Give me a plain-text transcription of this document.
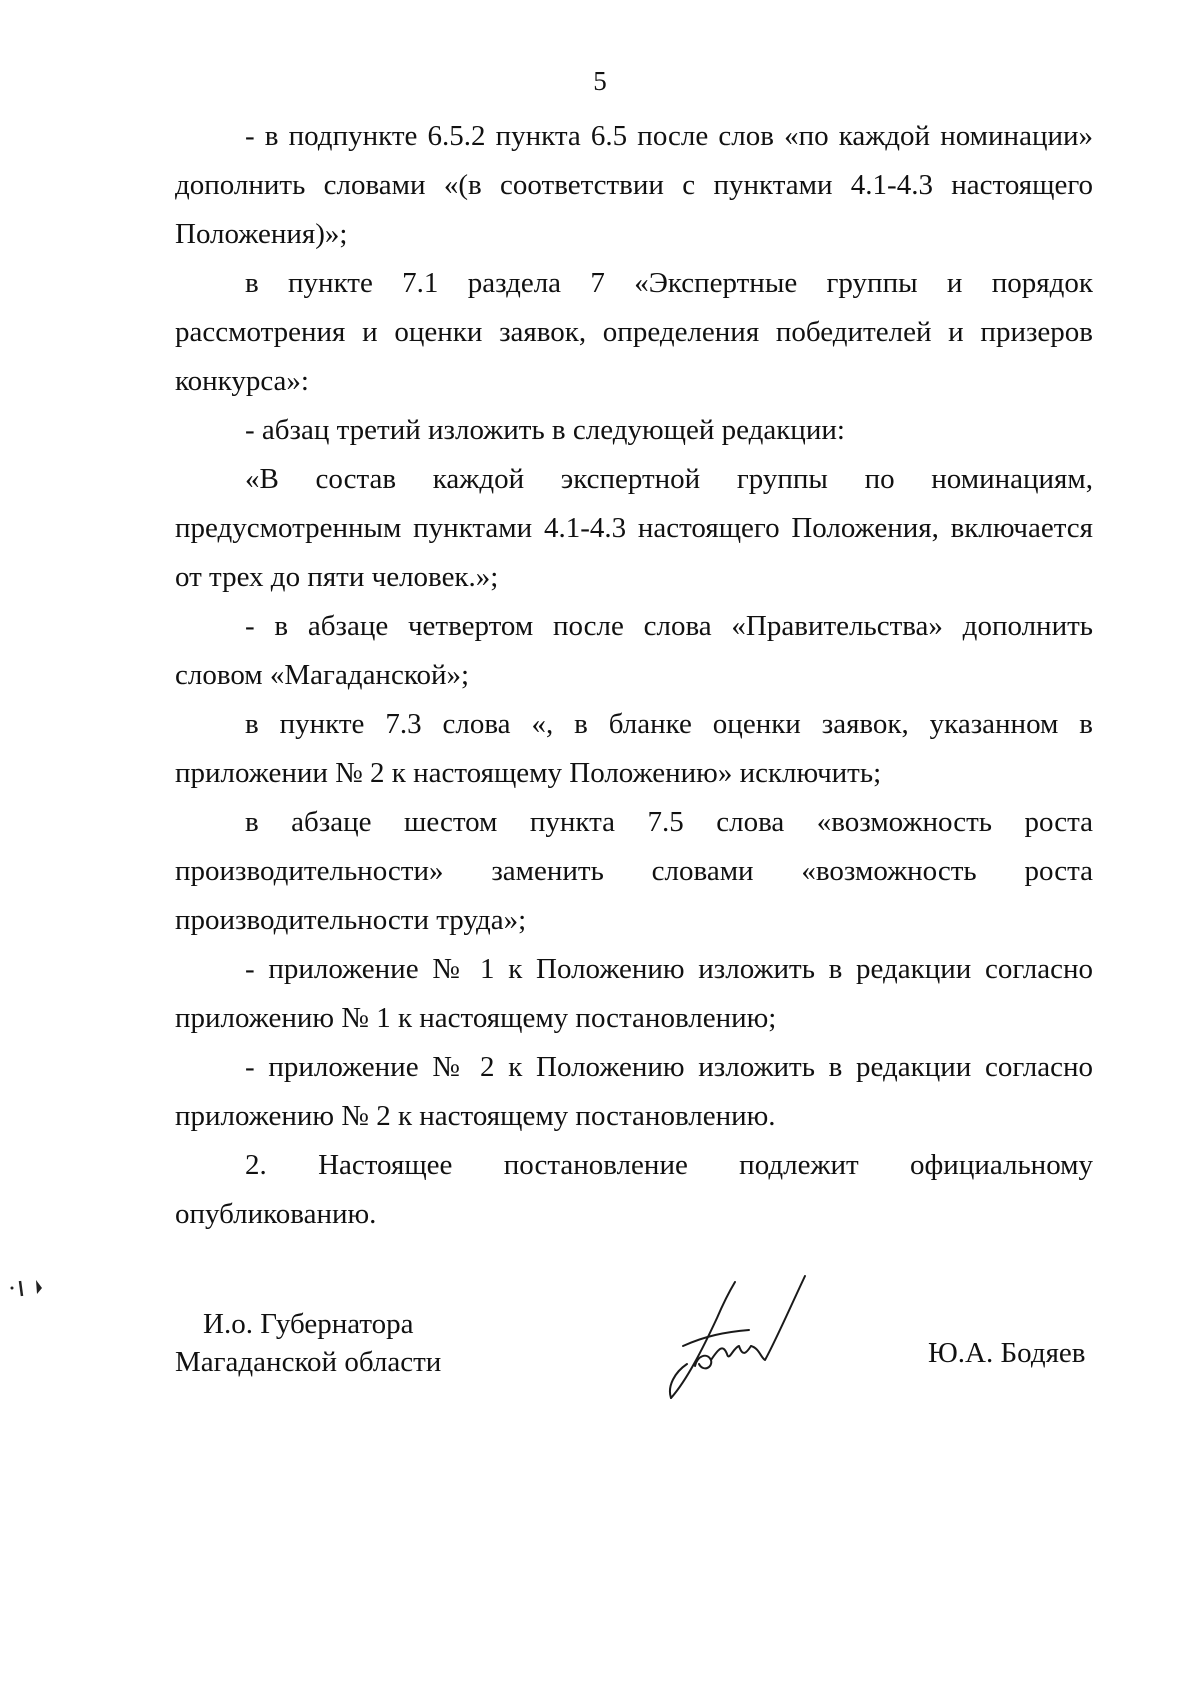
5

- в подпункте 6.5.2 пункта 6.5 после слов «по каждой номинации» дополнить словами «(в соответствии с пунктами 4.1-4.3 настоящего Положения)»;

в пункте 7.1 раздела 7 «Экспертные группы и порядок рассмотрения и оценки заявок, определения победителей и призеров конкурса»:

- абзац третий изложить в следующей редакции:

«В состав каждой экспертной группы по номинациям, предусмотренным пунктами 4.1-4.3 настоящего Положения, включается от трех до пяти человек.»;

- в абзаце четвертом после слова «Правительства» дополнить словом «Магаданской»;

в пункте 7.3 слова «, в бланке оценки заявок, указанном в приложении № 2 к настоящему Положению» исключить;

в абзаце шестом пункта 7.5 слова «возможность роста производительности» заменить словами «возможность роста производительности труда»;

- приложение № 1 к Положению изложить в редакции согласно приложению № 1 к настоящему постановлению;

- приложение № 2 к Положению изложить в редакции согласно приложению № 2 к настоящему постановлению.

2. Настоящее постановление подлежит официальному опубликованию.

И.о. Губернатора
Магаданской области	Ю.А. Бодяев
